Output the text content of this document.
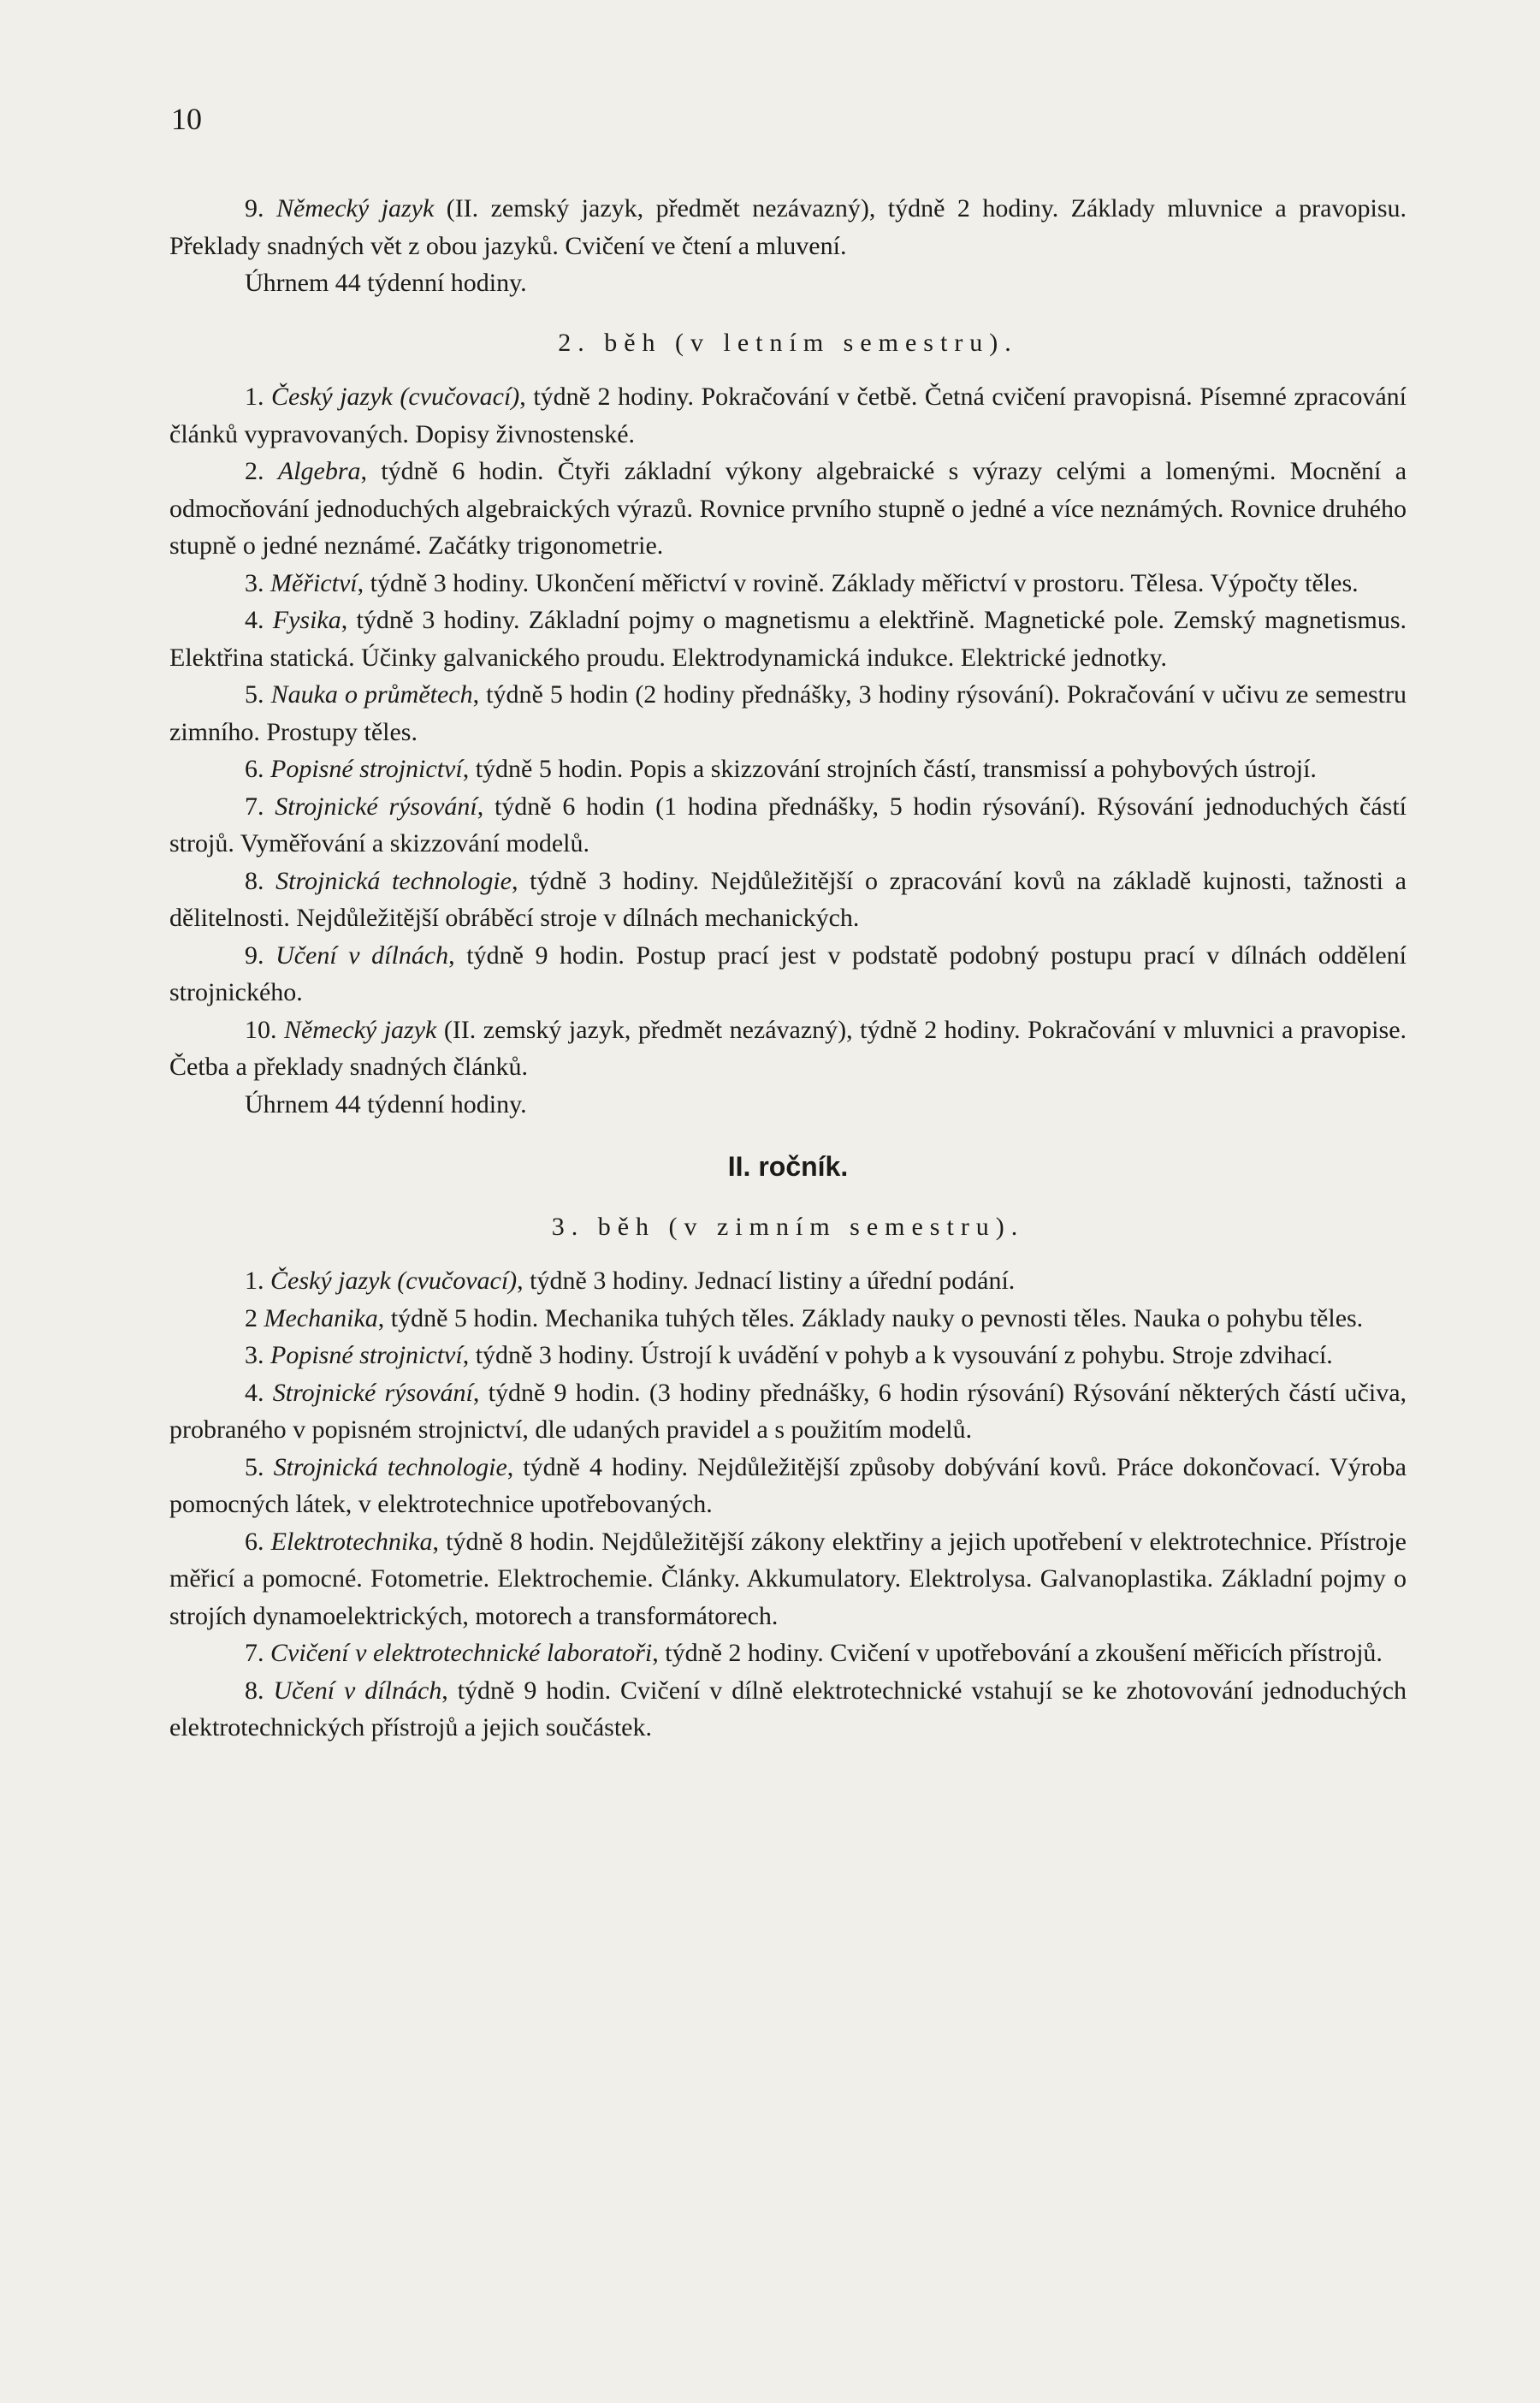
10

9. Německý jazyk (II. zemský jazyk, předmět nezávazný), týdně 2 hodiny. Základy mluvnice a pravopisu. Překlady snadných vět z obou jazyků. Cvičení ve čtení a mluvení.

Úhrnem 44 týdenní hodiny.

2. běh (v letním semestru).

1. Český jazyk (cvučovací), týdně 2 hodiny. Pokračování v četbě. Četná cvičení pravopisná. Písemné zpracování článků vypravovaných. Dopisy živnostenské.

2. Algebra, týdně 6 hodin. Čtyři základní výkony algebraické s výrazy celými a lomenými. Mocnění a odmocňování jednoduchých algebraických výrazů. Rovnice prvního stupně o jedné a více neznámých. Rovnice druhého stupně o jedné neznámé. Začátky trigonometrie.

3. Měřictví, týdně 3 hodiny. Ukončení měřictví v rovině. Základy měřictví v prostoru. Tělesa. Výpočty těles.

4. Fysika, týdně 3 hodiny. Základní pojmy o magnetismu a elektřině. Magnetické pole. Zemský magnetismus. Elektřina statická. Účinky galvanického proudu. Elektrodynamická indukce. Elektrické jednotky.

5. Nauka o průmětech, týdně 5 hodin (2 hodiny přednášky, 3 hodiny rýsování). Pokračování v učivu ze semestru zimního. Prostupy těles.

6. Popisné strojnictví, týdně 5 hodin. Popis a skizzování strojních částí, transmissí a pohybových ústrojí.

7. Strojnické rýsování, týdně 6 hodin (1 hodina přednášky, 5 hodin rýsování). Rýsování jednoduchých částí strojů. Vyměřování a skizzování modelů.

8. Strojnická technologie, týdně 3 hodiny. Nejdůležitější o zpracování kovů na základě kujnosti, tažnosti a dělitelnosti. Nejdůležitější obráběcí stroje v dílnách mechanických.

9. Učení v dílnách, týdně 9 hodin. Postup prací jest v podstatě podobný postupu prací v dílnách oddělení strojnického.

10. Německý jazyk (II. zemský jazyk, předmět nezávazný), týdně 2 hodiny. Pokračování v mluvnici a pravopise. Četba a překlady snadných článků.

Úhrnem 44 týdenní hodiny.

II. ročník.

3. běh (v zimním semestru).

1. Český jazyk (cvučovací), týdně 3 hodiny. Jednací listiny a úřední podání.

2 Mechanika, týdně 5 hodin. Mechanika tuhých těles. Základy nauky o pevnosti těles. Nauka o pohybu těles.

3. Popisné strojnictví, týdně 3 hodiny. Ústrojí k uvádění v pohyb a k vysouvání z pohybu. Stroje zdvihací.

4. Strojnické rýsování, týdně 9 hodin. (3 hodiny přednášky, 6 hodin rýsování) Rýsování některých částí učiva, probraného v popisném strojnictví, dle udaných pravidel a s použitím modelů.

5. Strojnická technologie, týdně 4 hodiny. Nejdůležitější způsoby dobývání kovů. Práce dokončovací. Výroba pomocných látek, v elektrotechnice upotřebovaných.

6. Elektrotechnika, týdně 8 hodin. Nejdůležitější zákony elektřiny a jejich upotřebení v elektrotechnice. Přístroje měřicí a pomocné. Fotometrie. Elektrochemie. Články. Akkumulatory. Elektrolysa. Galvanoplastika. Základní pojmy o strojích dynamoelektrických, motorech a transformátorech.

7. Cvičení v elektrotechnické laboratoři, týdně 2 hodiny. Cvičení v upotřebování a zkoušení měřicích přístrojů.

8. Učení v dílnách, týdně 9 hodin. Cvičení v dílně elektrotechnické vstahují se ke zhotovování jednoduchých elektrotechnických přístrojů a jejich součástek.
